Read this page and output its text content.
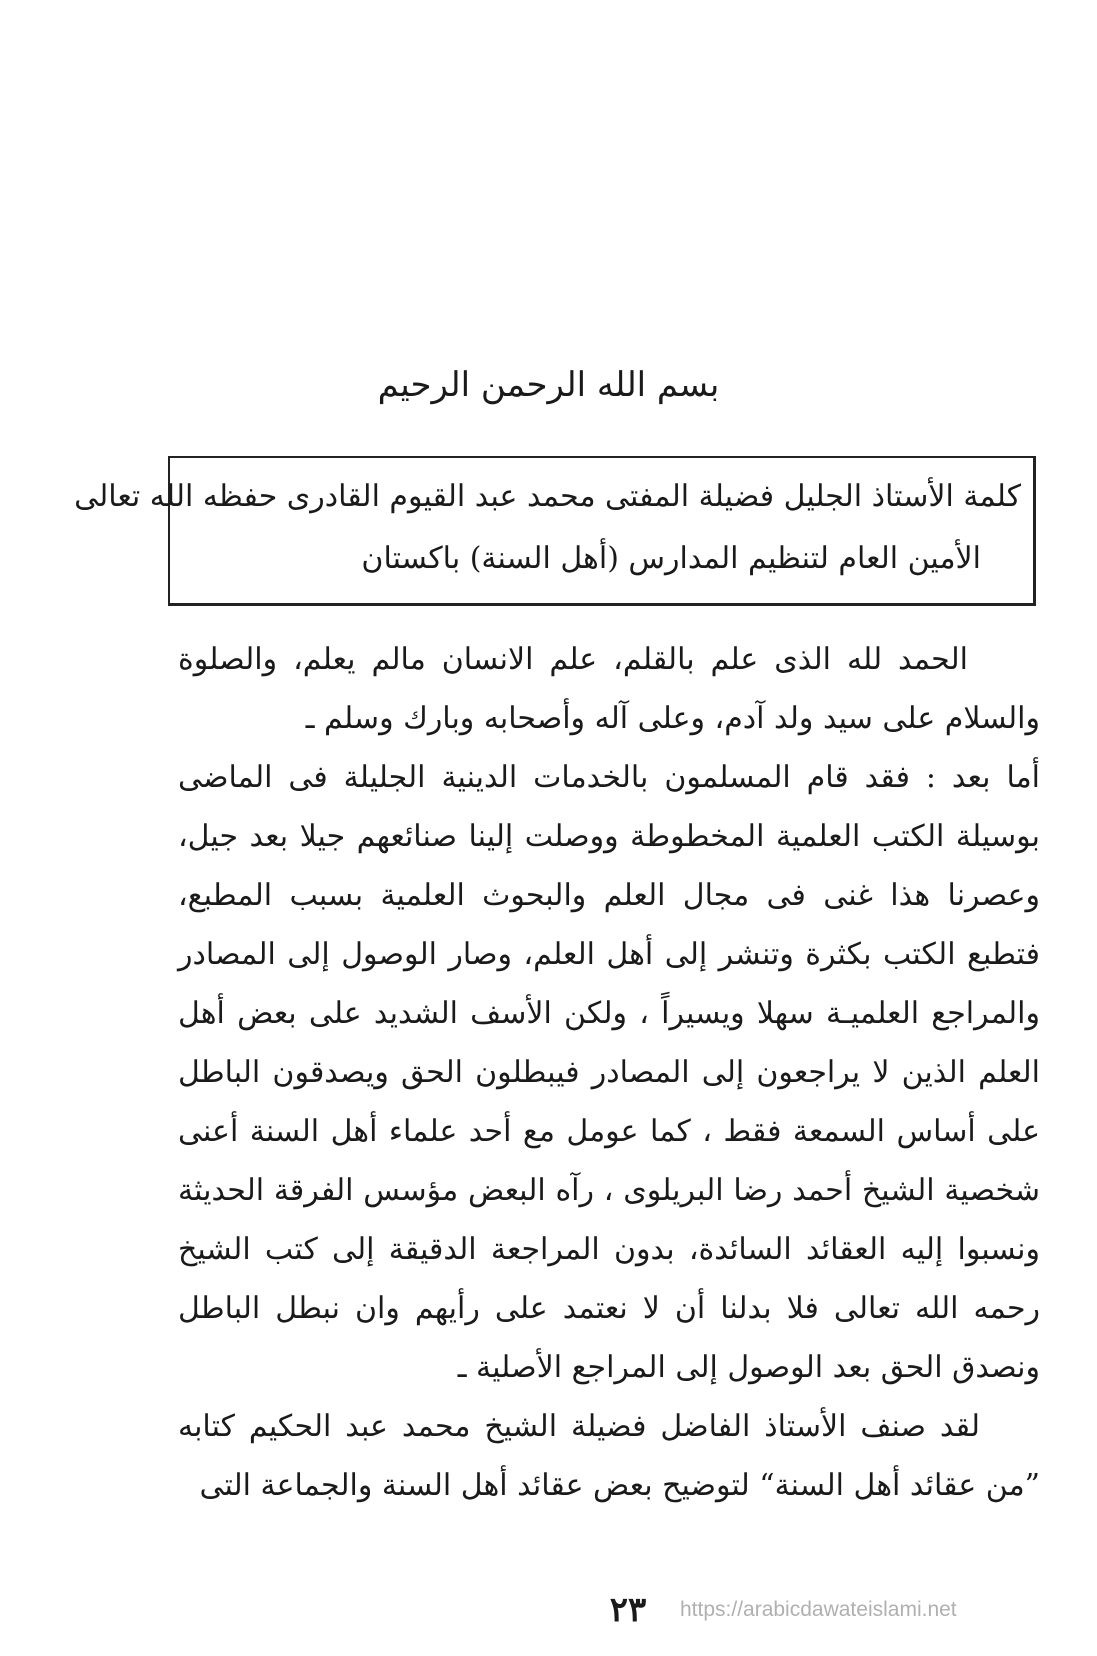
بسم الله الرحمن الرحيم
كلمة الأستاذ الجليل فضيلة المفتى محمد عبد القيوم القادرى حفظه الله تعالى
الأمين العام لتنظيم المدارس (أهل السنة) باكستان

الحمد لله الذى علم بالقلم، علم الانسان مالم يعلم، والصلوة والسلام على سيد ولد آدم، وعلى آله وأصحابه وبارك وسلم ـ

أما بعد : فقد قام المسلمون بالخدمات الدينية الجليلة فى الماضى بوسيلة الكتب العلمية المخطوطة ووصلت إلينا صنائعهم جيلا بعد جيل، وعصرنا هذا غنى فى مجال العلم والبحوث العلمية بسبب المطبع، فتطبع الكتب بكثرة وتنشر إلى أهل العلم، وصار الوصول إلى المصادر والمراجع العلميـة سهلا ويسيراً ، ولكن الأسف الشديد على بعض أهل العلم الذين لا يراجعون إلى المصادر فيبطلون الحق ويصدقون الباطل على أساس السمعة فقط ، كما عومل مع أحد علماء أهل السنة أعنى شخصية الشيخ أحمد رضا البريلوى ، رآه البعض مؤسس الفرقة الحديثة ونسبوا إليه العقائد السائدة، بدون المراجعة الدقيقة إلى كتب الشيخ رحمه الله تعالى فلا بدلنا أن لا نعتمد على رأيهم وان نبطل الباطل ونصدق الحق بعد الوصول إلى المراجع الأصلية ـ

لقد صنف الأستاذ الفاضل فضيلة الشيخ محمد عبد الحكيم كتابه ”من عقائد أهل السنة“ لتوضيح بعض عقائد أهل السنة والجماعة التى

٢٣	https://arabicdawateislami.net
